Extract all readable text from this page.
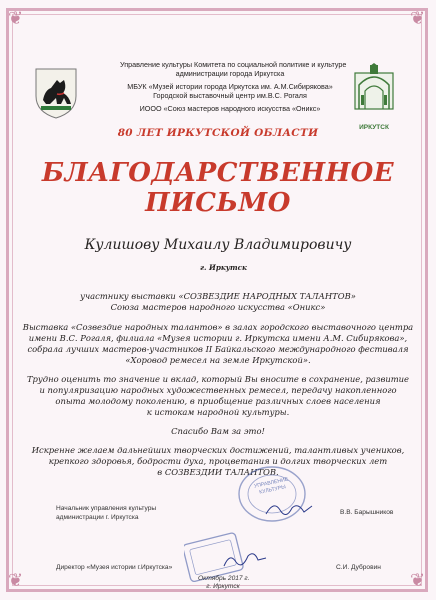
❦	❦
❦	❦
ИРКУТСК
Управление культуры Комитета по социальной политике и культуре
администрации города Иркутска
МБУК «Музей истории города Иркутска им. А.М.Сибирякова»
Городской выставочный центр им.В.С. Рогаля
ИООО «Союз мастеров народного искусства «Оникс»
80 ЛЕТ ИРКУТСКОЙ ОБЛАСТИ
БЛАГОДАРСТВЕННОЕ
ПИСЬМО
Кулишову Михаилу Владимировичу
г. Иркутск
участнику выставки «СОЗВЕЗДИЕ НАРОДНЫХ ТАЛАНТОВ»
Союза мастеров народного искусства «Оникс»
Выставка «Созвездие народных талантов» в залах городского выставочного центра
имени В.С. Рогаля, филиала «Музея истории г. Иркутска имени А.М. Сибирякова»,
собрала лучших мастеров-участников II Байкальского международного фестиваля
«Хоровод ремесел на земле Иркутской».
Трудно оценить то значение и вклад, который Вы вносите в сохранение, развитие
и популяризацию народных художественных ремесел, передачу накопленного
опыта молодому поколению, в приобщение различных слоев населения
к истокам народной культуры.
Спасибо Вам за это!
Искренне желаем дальнейших творческих достижений, талантливых учеников,
крепкого здоровья, бодрости духа, процветания и долгих творческих лет
в СОЗВЕЗДИИ ТАЛАНТОВ.
УПРАВЛЕНИЕ КУЛЬТУРЫ
Начальник управления культуры
администрации г. Иркутска
В.В. Барышников
Директор «Музея истории г.Иркутска»	С.И. Дубровин
Октябрь 2017 г.
г. Иркутск
